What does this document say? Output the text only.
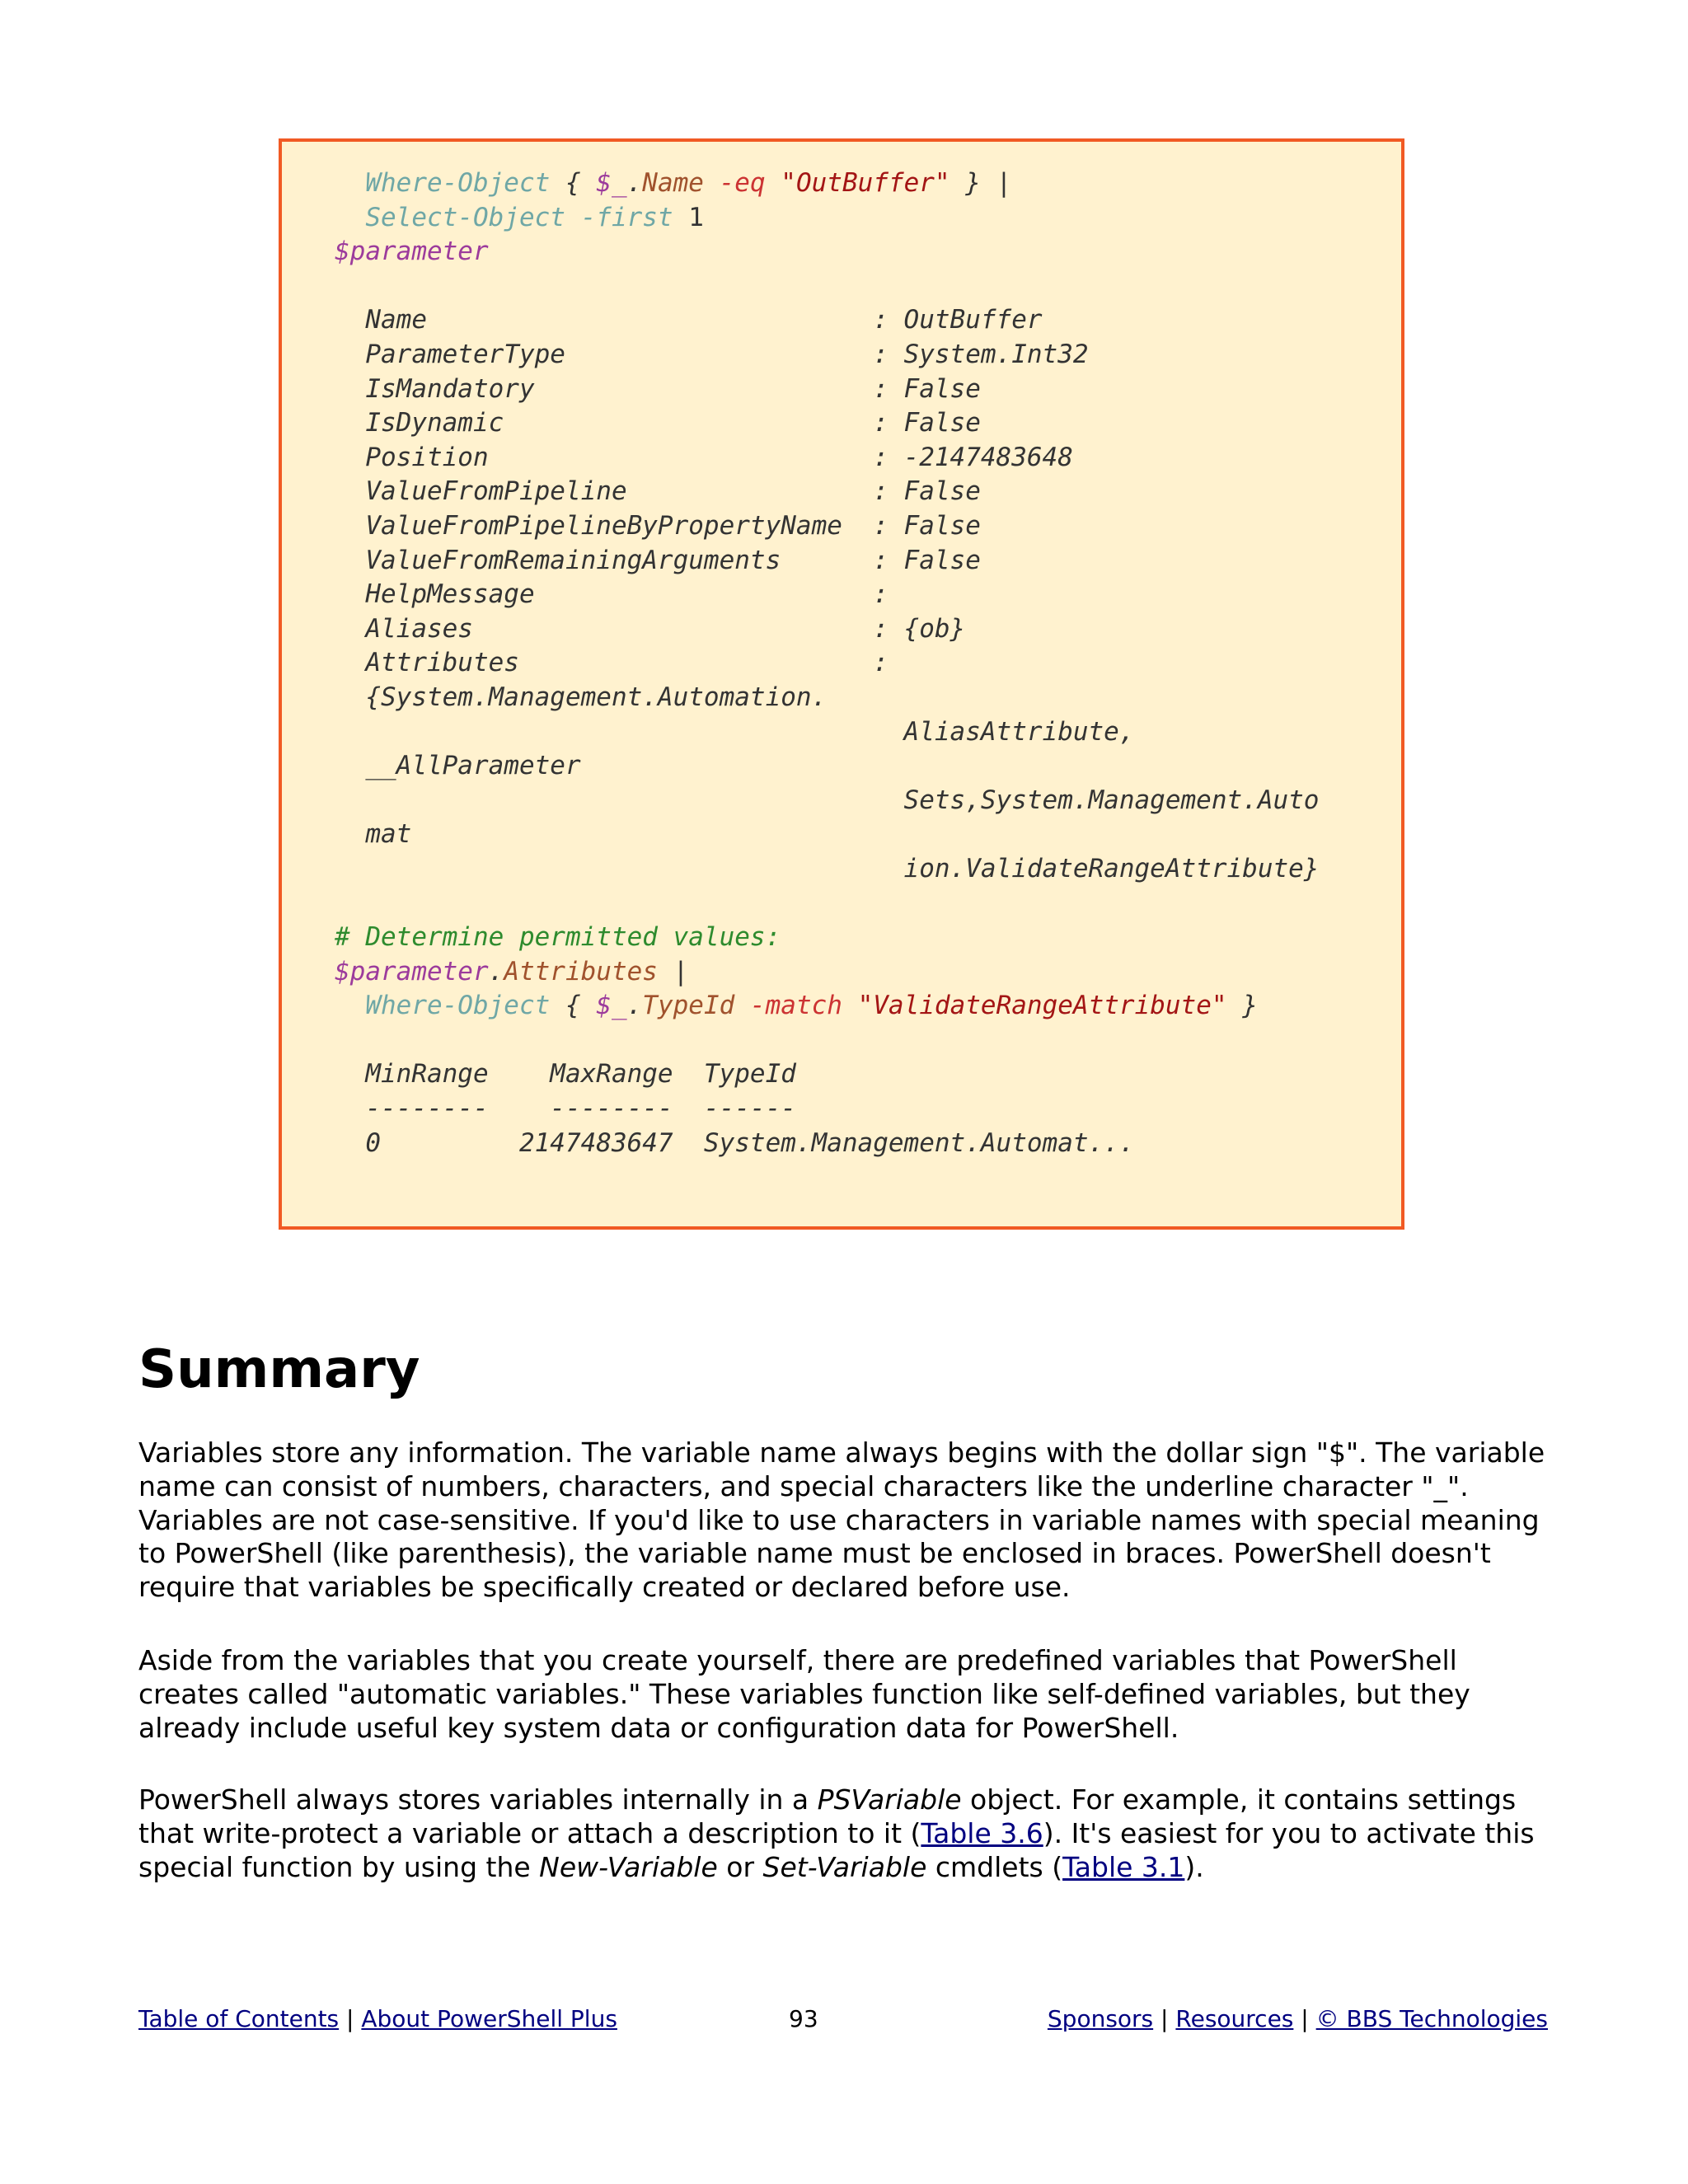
Where-Object { $_.Name -eq "OutBuffer" } |
Select-Object -first 1
$parameter

Name                             : OutBuffer
ParameterType                    : System.Int32
IsMandatory                      : False
IsDynamic                        : False
Position                         : -2147483648
ValueFromPipeline                : False
ValueFromPipelineByPropertyName  : False
ValueFromRemainingArguments      : False
HelpMessage                      :
Aliases                          : {ob}
Attributes                       :
{System.Management.Automation.
AliasAttribute,
__AllParameter
Sets,System.Management.Auto
mat
ion.ValidateRangeAttribute}

# Determine permitted values:
$parameter.Attributes |
Where-Object { $_.TypeId -match "ValidateRangeAttribute" }

MinRange    MaxRange  TypeId
--------    --------  ------
0         2147483647  System.Management.Automat...
Summary

Variables store any information. The variable name always begins with the dollar sign "$". The variable name can consist of numbers, characters, and special characters like the underline character "_". Variables are not case-sensitive. If you'd like to use characters in variable names with special meaning to PowerShell (like parenthesis), the variable name must be enclosed in braces. PowerShell doesn't require that variables be specifically created or declared before use.

Aside from the variables that you create yourself, there are predefined variables that PowerShell creates called "automatic variables." These variables function like self-defined variables, but they already include useful key system data or configuration data for PowerShell.

PowerShell always stores variables internally in a PSVariable object. For example, it contains settings that write-protect a variable or attach a description to it (Table 3.6). It's easiest for you to activate this special function by using the New-Variable or Set-Variable cmdlets (Table 3.1).

Table of Contents | About PowerShell Plus	93	Sponsors | Resources | © BBS Technologies
